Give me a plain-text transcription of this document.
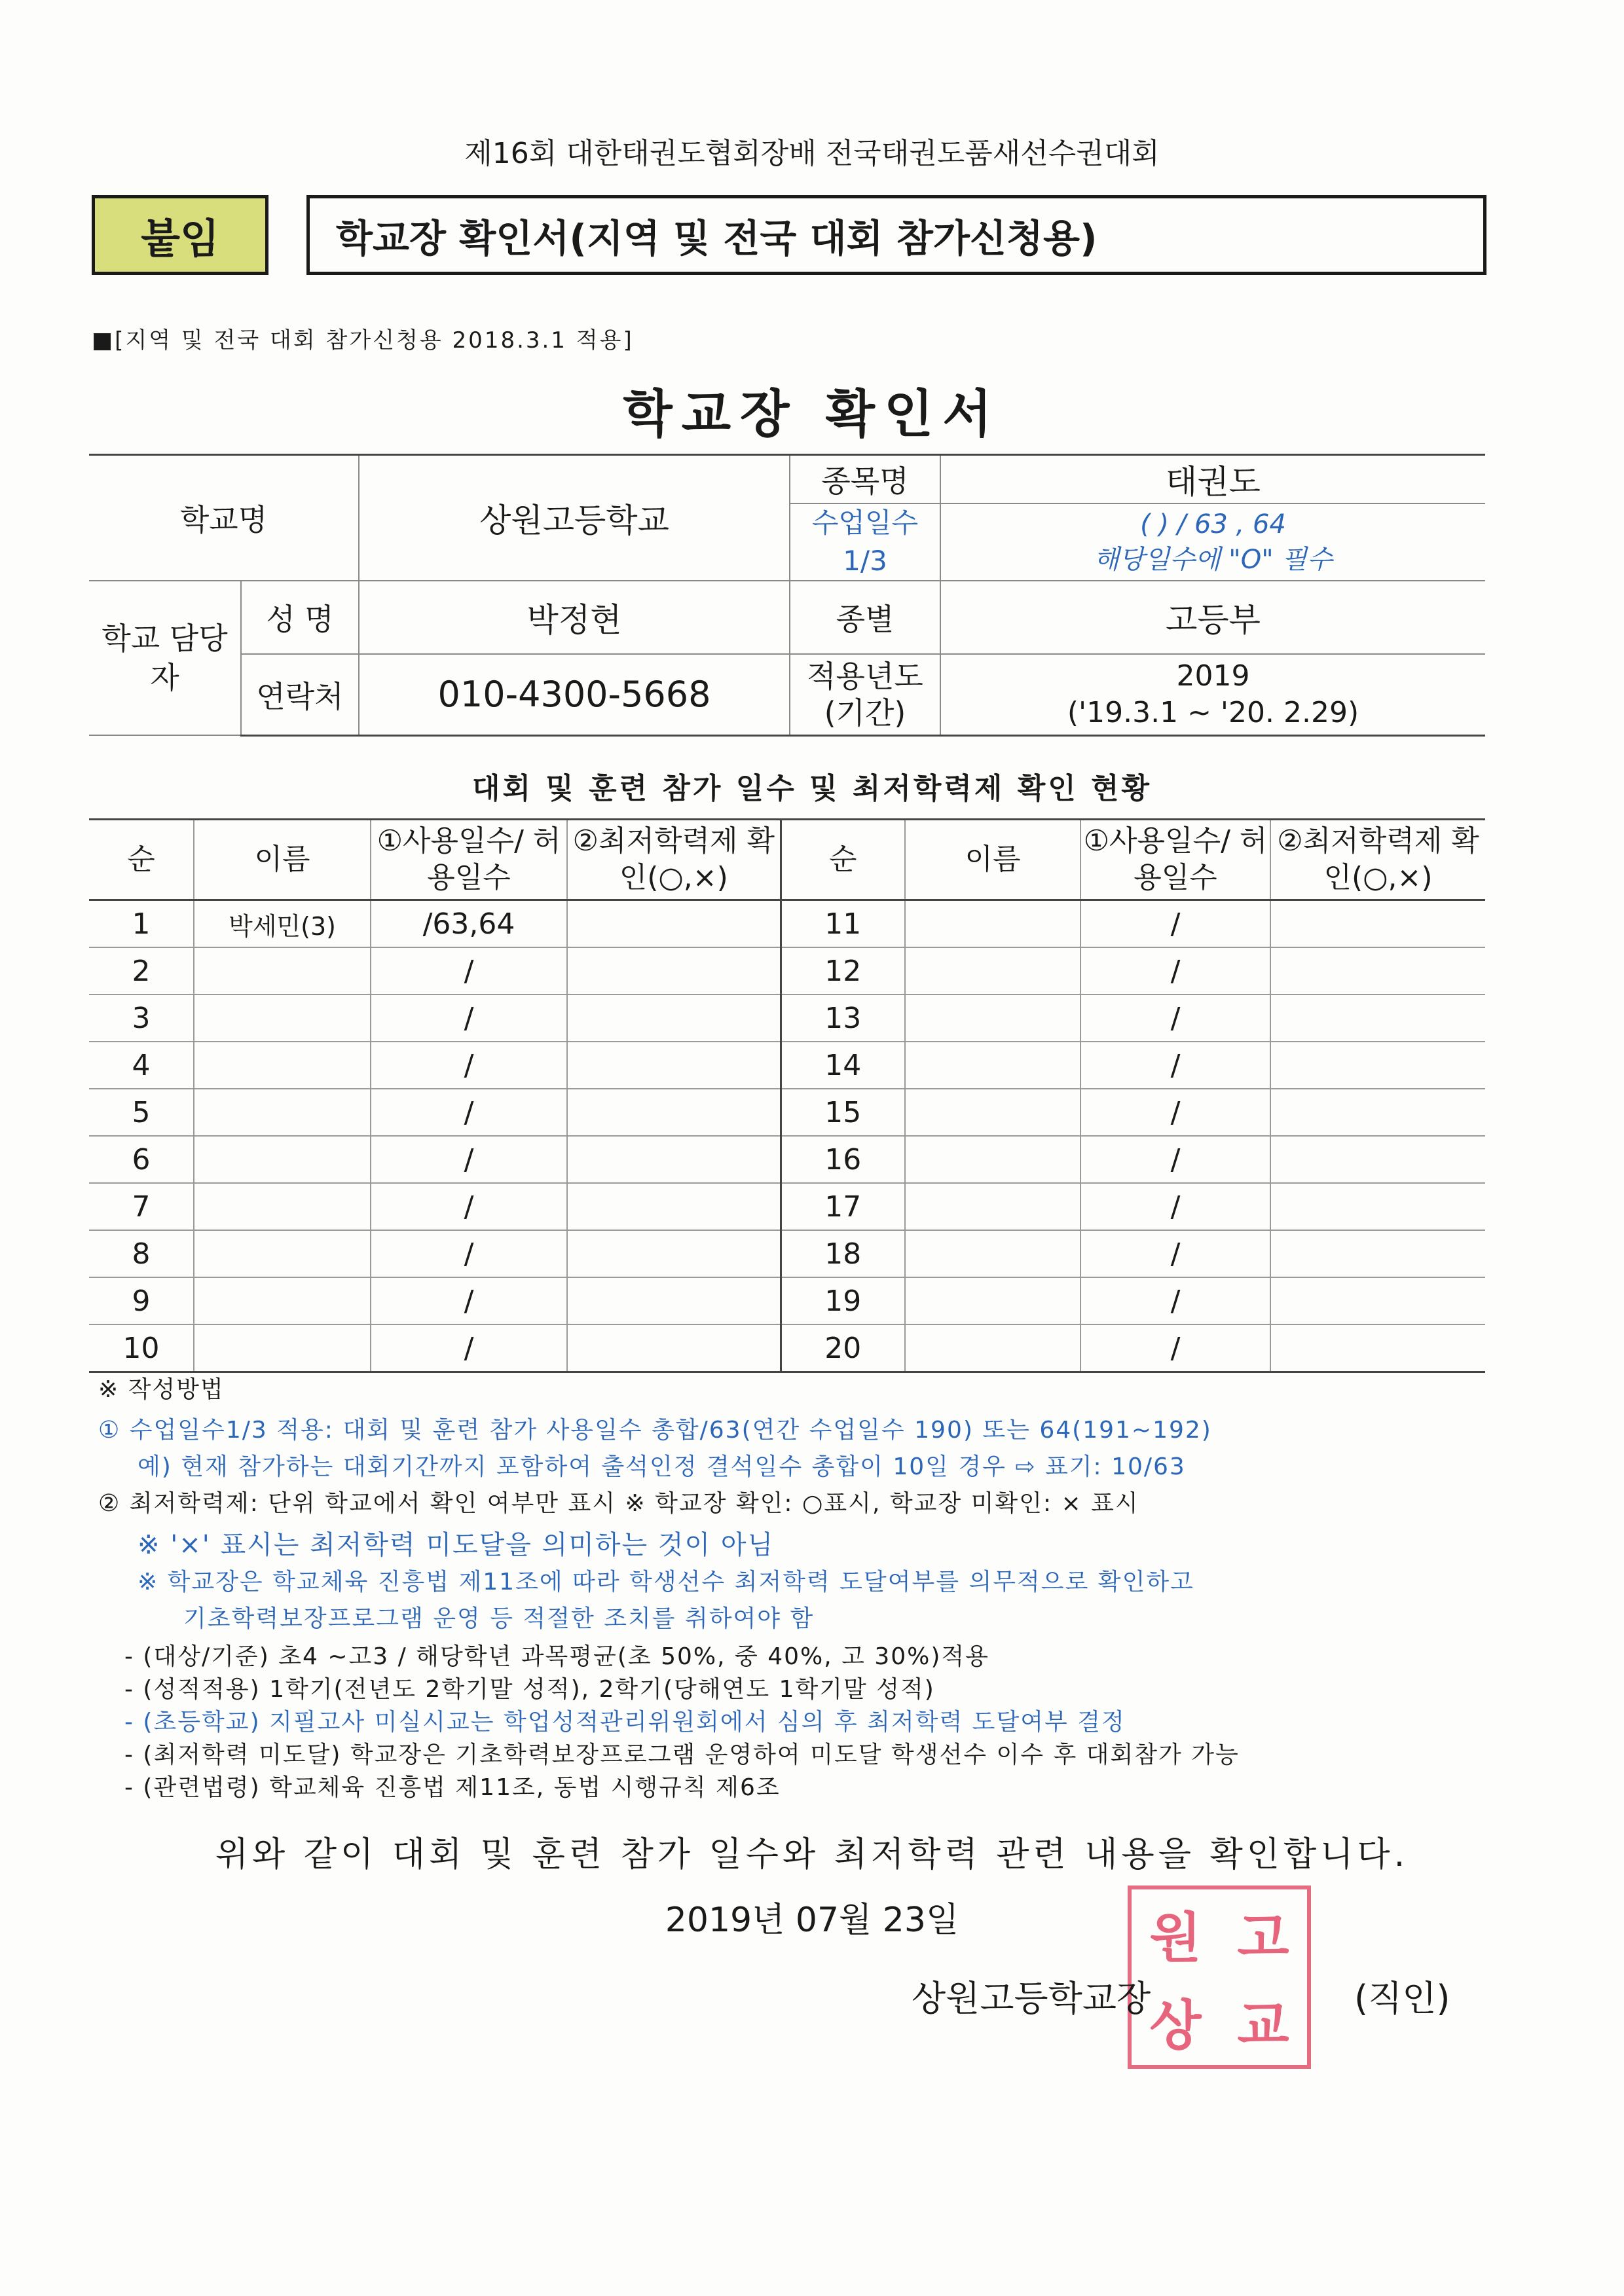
제16회 대한태권도협회장배 전국태권도품새선수권대회
붙임	학교장 확인서(지역 및 전국 대회 참가신청용)
■[지역 및 전국 대회 참가신청용 2018.3.1 적용]
학교장 확인서
학교명		상원고등학교	종목명	태권도
			수업일수 1/3	( ) / 63 , 64
해당일수에 "O" 필수

학교 담당자	성 명	박정현	종별	고등부
	연락처	010-4300-5668	적용년도 (기간)	2019
('19.3.1 ~ '20. 2.29)
대회 및 훈련 참가 일수 및 최저학력제 확인 현황
순	이름	①사용일수/ 허용일수	②최저학력제 확인(○,×)	순	이름	①사용일수/ 허용일수	②최저학력제 확인(○,×)
1	박세민(3)	/63,64		11		/	
2		/		12		/	
3		/		13		/	
4		/		14		/	
5		/		15		/	
6		/		16		/	
7		/		17		/	
8		/		18		/	
9		/		19		/	
10		/		20		/	
※ 작성방법
① 수업일수1/3 적용: 대회 및 훈련 참가 사용일수 총합/63(연간 수업일수 190) 또는 64(191~192)
예) 현재 참가하는 대회기간까지 포함하여 출석인정 결석일수 총합이 10일 경우 ⇨ 표기: 10/63
② 최저학력제: 단위 학교에서 확인 여부만 표시 ※ 학교장 확인: ○표시, 학교장 미확인: × 표시
※ '×' 표시는 최저학력 미도달을 의미하는 것이 아님
※ 학교장은 학교체육 진흥법 제11조에 따라 학생선수 최저학력 도달여부를 의무적으로 확인하고
기초학력보장프로그램 운영 등 적절한 조치를 취하여야 함
- (대상/기준) 초4 ~고3 / 해당학년 과목평균(초 50%, 중 40%, 고 30%)적용
- (성적적용) 1학기(전년도 2학기말 성적), 2학기(당해연도 1학기말 성적)
- (초등학교) 지필고사 미실시교는 학업성적관리위원회에서 심의 후 최저학력 도달여부 결정
- (최저학력 미도달) 학교장은 기초학력보장프로그램 운영하여 미도달 학생선수 이수 후 대회참가 가능
- (관련법령) 학교체육 진흥법 제11조, 동법 시행규칙 제6조
위와 같이 대회 및 훈련 참가 일수와 최저학력 관련 내용을 확인합니다.
2019년 07월 23일	원 고
상 교
상원고등학교장	(직인)
